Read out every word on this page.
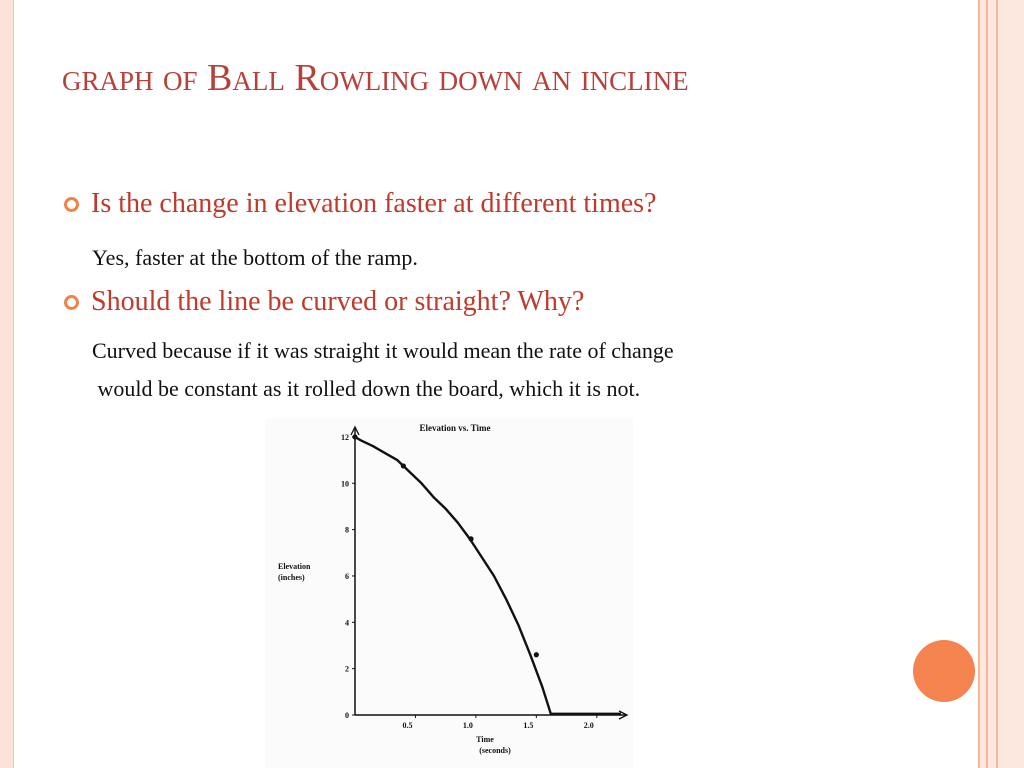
graph of Ball Rowling down an incline
Is the change in elevation faster at different times?
Yes, faster at the bottom of the ramp.
Should the line be curved or straight? Why?
Curved because if it was straight it would mean the rate of change
would be constant as it rolled down the board, which it is not.
Elevation vs. Time
0
2
4
6
8
10
12
0.5	1.0	1.5	2.0
Elevation
(inches)
Time
(seconds)
